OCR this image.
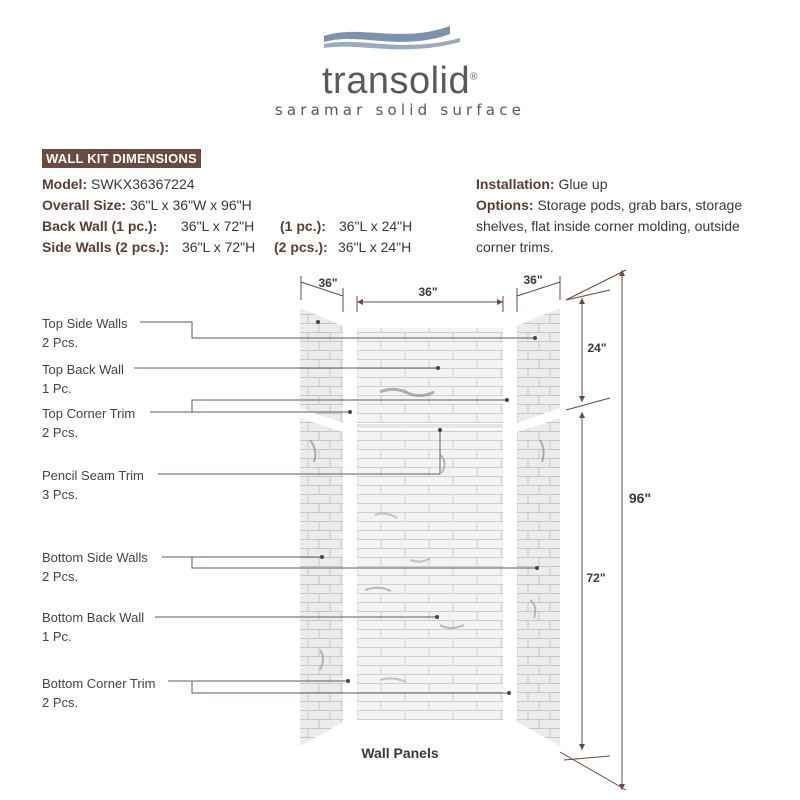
transolid®
saramar solid surface
WALL KIT DIMENSIONS
Model: SWKX36367224
Overall Size: 36"L x 36"W x 96"H
Back Wall (1 pc.): 36"L x 72"H (1 pc.): 36"L x 24"H
Side Walls (2 pcs.): 36"L x 72"H (2 pcs.): 36"L x 24"H
Installation: Glue up
Options: Storage pods, grab bars, storage
shelves, flat inside corner molding, outside
corner trims.
Top Side Walls
2 Pcs.
Top Back Wall
1 Pc.
Top Corner Trim
2 Pcs.
Pencil Seam Trim
3 Pcs.
Bottom Side Walls
2 Pcs.
Bottom Back Wall
1 Pc.
Bottom Corner Trim
2 Pcs.
36"
36"
36"
24"
72"
96"
Wall Panels
